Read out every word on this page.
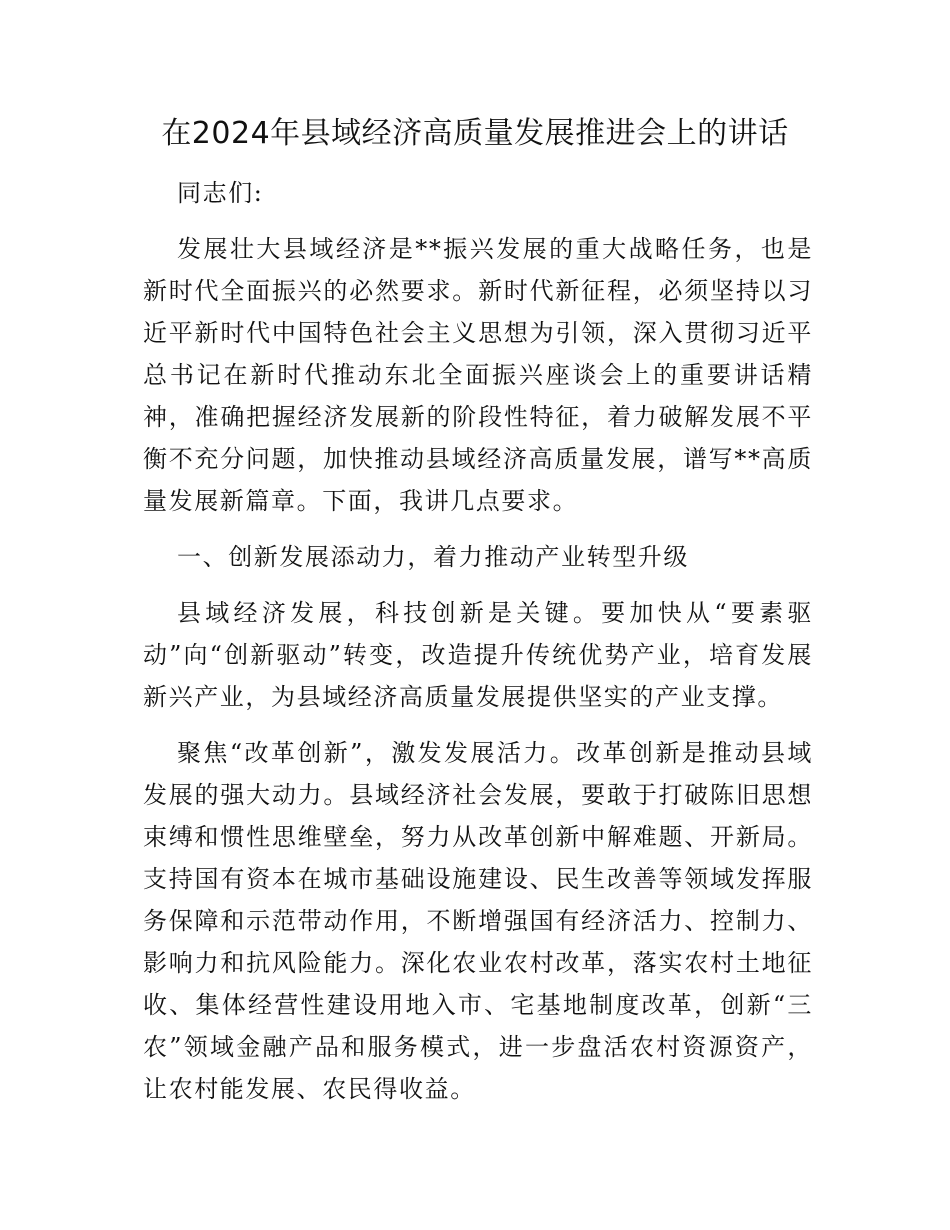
在2024年县域经济高质量发展推进会上的讲话

同志们:

发展壮大县域经济是**振兴发展的重大战略任务，也是新时代全面振兴的必然要求。新时代新征程，必须坚持以习近平新时代中国特色社会主义思想为引领，深入贯彻习近平总书记在新时代推动东北全面振兴座谈会上的重要讲话精神，准确把握经济发展新的阶段性特征，着力破解发展不平衡不充分问题，加快推动县域经济高质量发展，谱写**高质量发展新篇章。下面，我讲几点要求。

一、创新发展添动力，着力推动产业转型升级

县域经济发展，科技创新是关键。要加快从“要素驱动”向“创新驱动”转变，改造提升传统优势产业，培育发展新兴产业，为县域经济高质量发展提供坚实的产业支撑。

聚焦“改革创新”，激发发展活力。改革创新是推动县域发展的强大动力。县域经济社会发展，要敢于打破陈旧思想束缚和惯性思维壁垒，努力从改革创新中解难题、开新局。支持国有资本在城市基础设施建设、民生改善等领域发挥服务保障和示范带动作用，不断增强国有经济活力、控制力、影响力和抗风险能力。深化农业农村改革，落实农村土地征收、集体经营性建设用地入市、宅基地制度改革，创新“三农”领域金融产品和服务模式，进一步盘活农村资源资产，让农村能发展、农民得收益。
